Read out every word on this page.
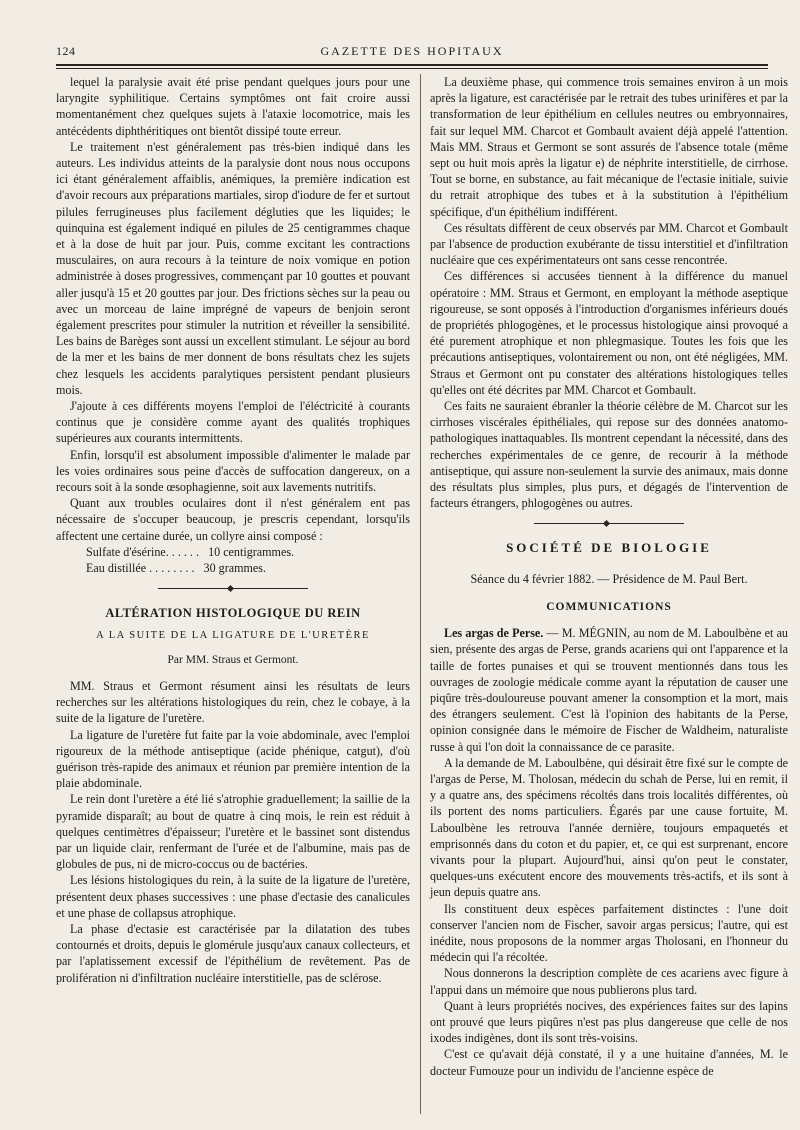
124	GAZETTE DES HOPITAUX

lequel la paralysie avait été prise pendant quelques jours pour une laryngite syphilitique. Certains symptômes ont fait croire aussi momentanément chez quelques sujets à l'ataxie locomotrice, mais les antécédents diphthéritiques ont bientôt dissipé toute erreur.

Le traitement n'est généralement pas très-bien indiqué dans les auteurs. Les individus atteints de la paralysie dont nous nous occupons ici étant généralement affaiblis, anémiques, la première indication est d'avoir recours aux préparations martiales, sirop d'iodure de fer et surtout pilules ferrugineuses plus facilement dégluties que les liquides; le quinquina est également indiqué en pilules de 25 centigrammes chaque et à la dose de huit par jour. Puis, comme excitant les contractions musculaires, on aura recours à la teinture de noix vomique en potion administrée à doses progressives, commençant par 10 gouttes et pouvant aller jusqu'à 15 et 20 gouttes par jour. Des frictions sèches sur la peau ou avec un morceau de laine imprégné de vapeurs de benjoin seront également prescrites pour stimuler la nutrition et réveiller la sensibilité. Les bains de Barèges sont aussi un excellent stimulant. Le séjour au bord de la mer et les bains de mer donnent de bons résultats chez les sujets chez lesquels les accidents paralytiques persistent pendant plusieurs mois.

J'ajoute à ces différents moyens l'emploi de l'éléctricité à courants continus que je considère comme ayant des qualités trophiques supérieures aux courants intermittents.

Enfin, lorsqu'il est absolument impossible d'alimenter le malade par les voies ordinaires sous peine d'accès de suffocation dangereux, on a recours soit à la sonde œsophagienne, soit aux lavements nutritifs.

Quant aux troubles oculaires dont il n'est généralem ent pas nécessaire de s'occuper beaucoup, je prescris cependant, lorsqu'ils affectent une certaine durée, un collyre ainsi composé :

Sulfate d'ésérine. . . . . .   10 centigrammes.

Eau distillée . . . . . . . .   30 grammes.

ALTÉRATION HISTOLOGIQUE DU REIN

A LA SUITE DE LA LIGATURE DE L'URETÈRE

Par MM. Straus et Germont.

MM. Straus et Germont résument ainsi les résultats de leurs recherches sur les altérations histologiques du rein, chez le cobaye, à la suite de la ligature de l'uretère.

La ligature de l'uretère fut faite par la voie abdominale, avec l'emploi rigoureux de la méthode antiseptique (acide phénique, catgut), d'où guérison très-rapide des animaux et réunion par première intention de la plaie abdominale.

Le rein dont l'uretère a été lié s'atrophie graduellement; la saillie de la pyramide disparaît; au bout de quatre à cinq mois, le rein est réduit à quelques centimètres d'épaisseur; l'uretère et le bassinet sont distendus par un liquide clair, renfermant de l'urée et de l'albumine, mais pas de globules de pus, ni de micro-coccus ou de bactéries.

Les lésions histologiques du rein, à la suite de la ligature de l'uretère, présentent deux phases successives : une phase d'ectasie des canalicules et une phase de collapsus atrophique.

La phase d'ectasie est caractérisée par la dilatation des tubes contournés et droits, depuis le glomérule jusqu'aux canaux collecteurs, et par l'aplatissement excessif de l'épithélium de revêtement. Pas de prolifération ni d'infiltration nucléaire interstitielle, pas de sclérose.

La deuxième phase, qui commence trois semaines environ à un mois après la ligature, est caractérisée par le retrait des tubes urinifères et par la transformation de leur épithélium en cellules neutres ou embryonnaires, fait sur lequel MM. Charcot et Gombault avaient déjà appelé l'attention. Mais MM. Straus et Germont se sont assurés de l'absence totale (même sept ou huit mois après la ligatur e) de néphrite interstitielle, de cirrhose. Tout se borne, en substance, au fait mécanique de l'ectasie initiale, suivie du retrait atrophique des tubes et à la substitution à l'épithélium spécifique, d'un épithélium indifférent.

Ces résultats diffèrent de ceux observés par MM. Charcot et Gombault par l'absence de production exubérante de tissu interstitiel et d'infiltration nucléaire que ces expérimentateurs ont sans cesse rencontrée.

Ces différences si accusées tiennent à la différence du manuel opératoire : MM. Straus et Germont, en employant la méthode aseptique rigoureuse, se sont opposés à l'introduction d'organismes inférieurs doués de propriétés phlogogènes, et le processus histologique ainsi provoqué a été purement atrophique et non phlegmasique. Toutes les fois que les précautions antiseptiques, volontairement ou non, ont été négligées, MM. Straus et Germont ont pu constater des altérations histologiques telles qu'elles ont été décrites par MM. Charcot et Gombault.

Ces faits ne sauraient ébranler la théorie célèbre de M. Charcot sur les cirrhoses viscérales épithéliales, qui repose sur des données anatomo-pathologiques inattaquables. Ils montrent cependant la nécessité, dans des recherches expérimentales de ce genre, de recourir à la méthode antiseptique, qui assure non-seulement la survie des animaux, mais donne des résultats plus simples, plus purs, et dégagés de l'intervention de facteurs étrangers, phlogogènes ou autres.

SOCIÉTÉ DE BIOLOGIE

Séance du 4 février 1882. — Présidence de M. Paul Bert.

COMMUNICATIONS

Les argas de Perse. — M. MÉGNIN, au nom de M. Laboulbène et au sien, présente des argas de Perse, grands acariens qui ont l'apparence et la taille de fortes punaises et qui se trouvent mentionnés dans tous les ouvrages de zoologie médicale comme ayant la réputation de causer une piqûre très-douloureuse pouvant amener la consomption et la mort, mais des étrangers seulement. C'est là l'opinion des habitants de la Perse, opinion consignée dans le mémoire de Fischer de Waldheim, naturaliste russe à qui l'on doit la connaissance de ce parasite.

A la demande de M. Laboulbène, qui désirait être fixé sur le compte de l'argas de Perse, M. Tholosan, médecin du schah de Perse, lui en remit, il y a quatre ans, des spécimens récoltés dans trois localités différentes, où ils portent des noms particuliers. Égarés par une cause fortuite, M. Laboulbène les retrouva l'année dernière, toujours empaquetés et emprisonnés dans du coton et du papier, et, ce qui est surprenant, encore vivants pour la plupart. Aujourd'hui, ainsi qu'on peut le constater, quelques-uns exécutent encore des mouvements très-actifs, et ils sont à jeun depuis quatre ans.

Ils constituent deux espèces parfaitement distinctes : l'une doit conserver l'ancien nom de Fischer, savoir argas persicus; l'autre, qui est inédite, nous proposons de la nommer argas Tholosani, en l'honneur du médecin qui l'a récoltée.

Nous donnerons la description complète de ces acariens avec figure à l'appui dans un mémoire que nous publierons plus tard.

Quant à leurs propriétés nocives, des expériences faites sur des lapins ont prouvé que leurs piqûres n'est pas plus dangereuse que celle de nos ixodes indigènes, dont ils sont très-voisins.

C'est ce qu'avait déjà constaté, il y a une huitaine d'années, M. le docteur Fumouze pour un individu de l'ancienne espèce de
